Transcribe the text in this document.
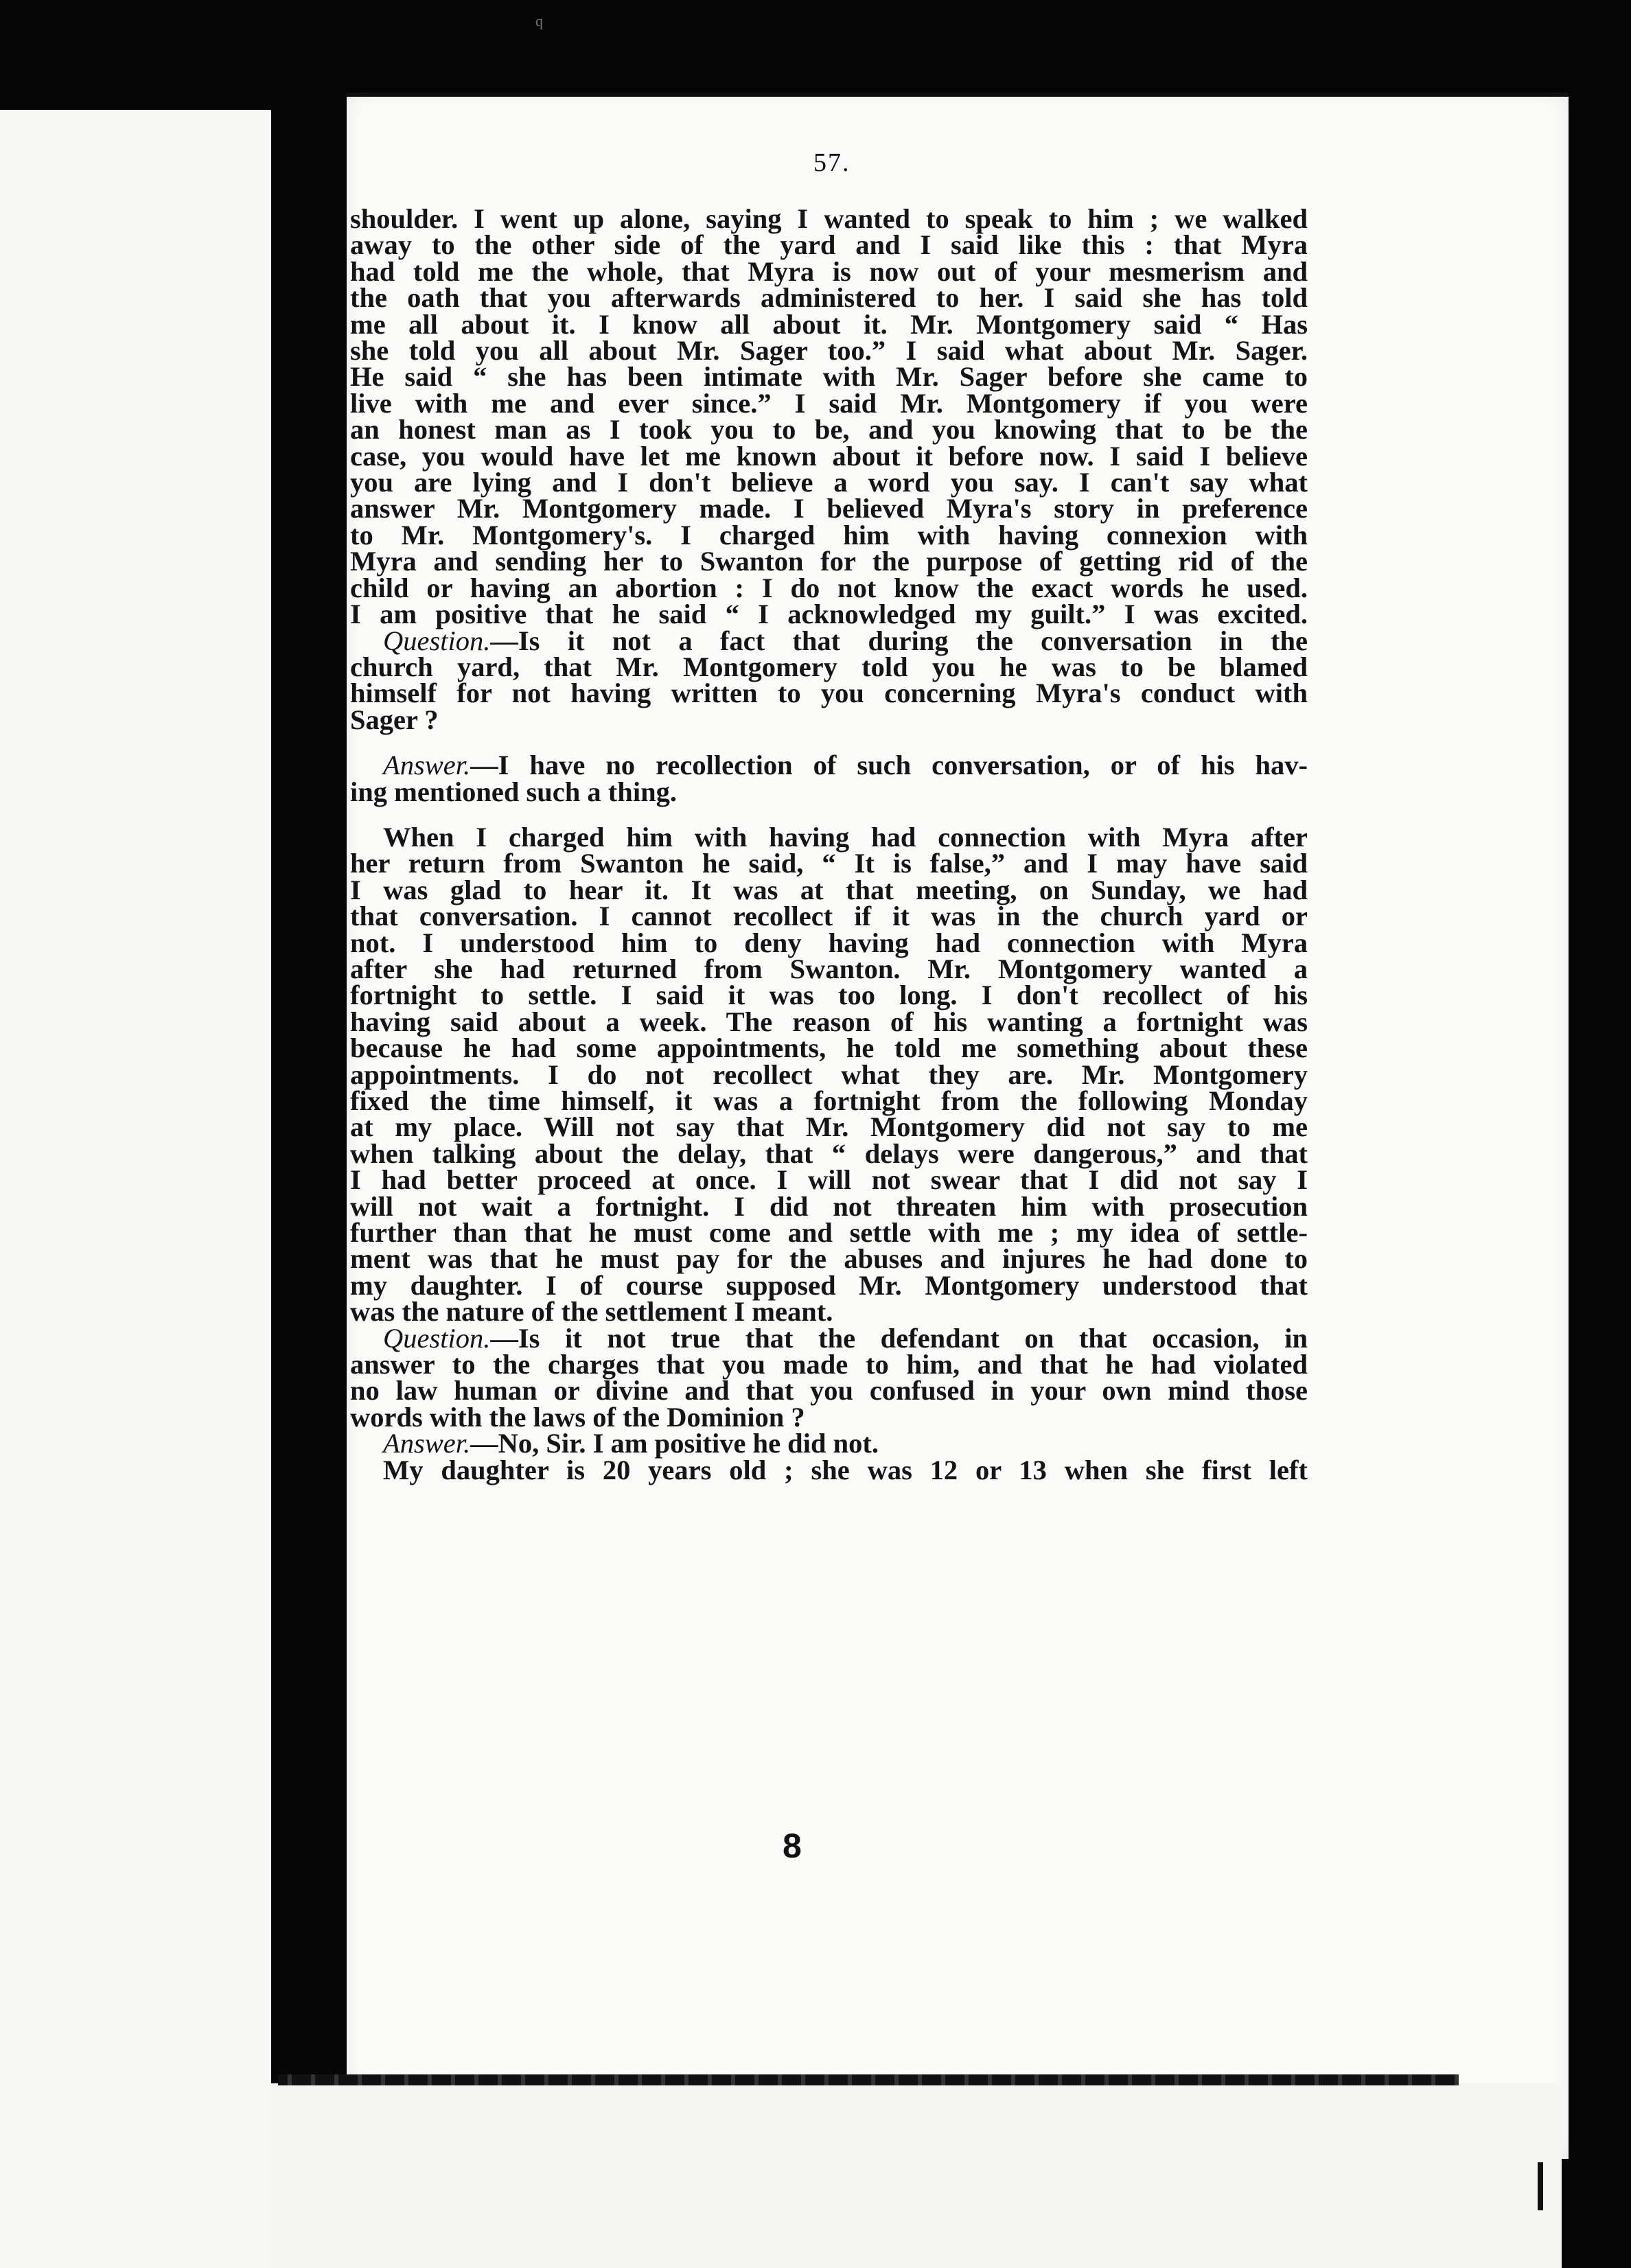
q
57.
shoulder. I went up alone, saying I wanted to speak to him ; we walked
away to the other side of the yard and I said like this : that Myra
had told me the whole, that Myra is now out of your mesmerism and
the oath that you afterwards administered to her. I said she has told
me all about it. I know all about it. Mr. Montgomery said “ Has
she told you all about Mr. Sager too.” I said what about Mr. Sager.
He said “ she has been intimate with Mr. Sager before she came to
live with me and ever since.” I said Mr. Montgomery if you were
an honest man as I took you to be, and you knowing that to be the
case, you would have let me known about it before now. I said I believe
you are lying and I don't believe a word you say. I can't say what
answer Mr. Montgomery made. I believed Myra's story in preference
to Mr. Montgomery's. I charged him with having connexion with
Myra and sending her to Swanton for the purpose of getting rid of the
child or having an abortion : I do not know the exact words he used.
I am positive that he said “ I acknowledged my guilt.” I was excited.
Question.—Is it not a fact that during the conversation in the
church yard, that Mr. Montgomery told you he was to be blamed
himself for not having written to you concerning Myra's conduct with
Sager ?
Answer.—I have no recollection of such conversation, or of his hav-
ing mentioned such a thing.
When I charged him with having had connection with Myra after
her return from Swanton he said, “ It is false,” and I may have said
I was glad to hear it. It was at that meeting, on Sunday, we had
that conversation. I cannot recollect if it was in the church yard or
not. I understood him to deny having had connection with Myra
after she had returned from Swanton. Mr. Montgomery wanted a
fortnight to settle. I said it was too long. I don't recollect of his
having said about a week. The reason of his wanting a fortnight was
because he had some appointments, he told me something about these
appointments. I do not recollect what they are. Mr. Montgomery
fixed the time himself, it was a fortnight from the following Monday
at my place. Will not say that Mr. Montgomery did not say to me
when talking about the delay, that “ delays were dangerous,” and that
I had better proceed at once. I will not swear that I did not say I
will not wait a fortnight. I did not threaten him with prosecution
further than that he must come and settle with me ; my idea of settle-
ment was that he must pay for the abuses and injures he had done to
my daughter. I of course supposed Mr. Montgomery understood that
was the nature of the settlement I meant.
Question.—Is it not true that the defendant on that occasion, in
answer to the charges that you made to him, and that he had violated
no law human or divine and that you confused in your own mind those
words with the laws of the Dominion ?
Answer.—No, Sir. I am positive he did not.
My daughter is 20 years old ; she was 12 or 13 when she first left
8
